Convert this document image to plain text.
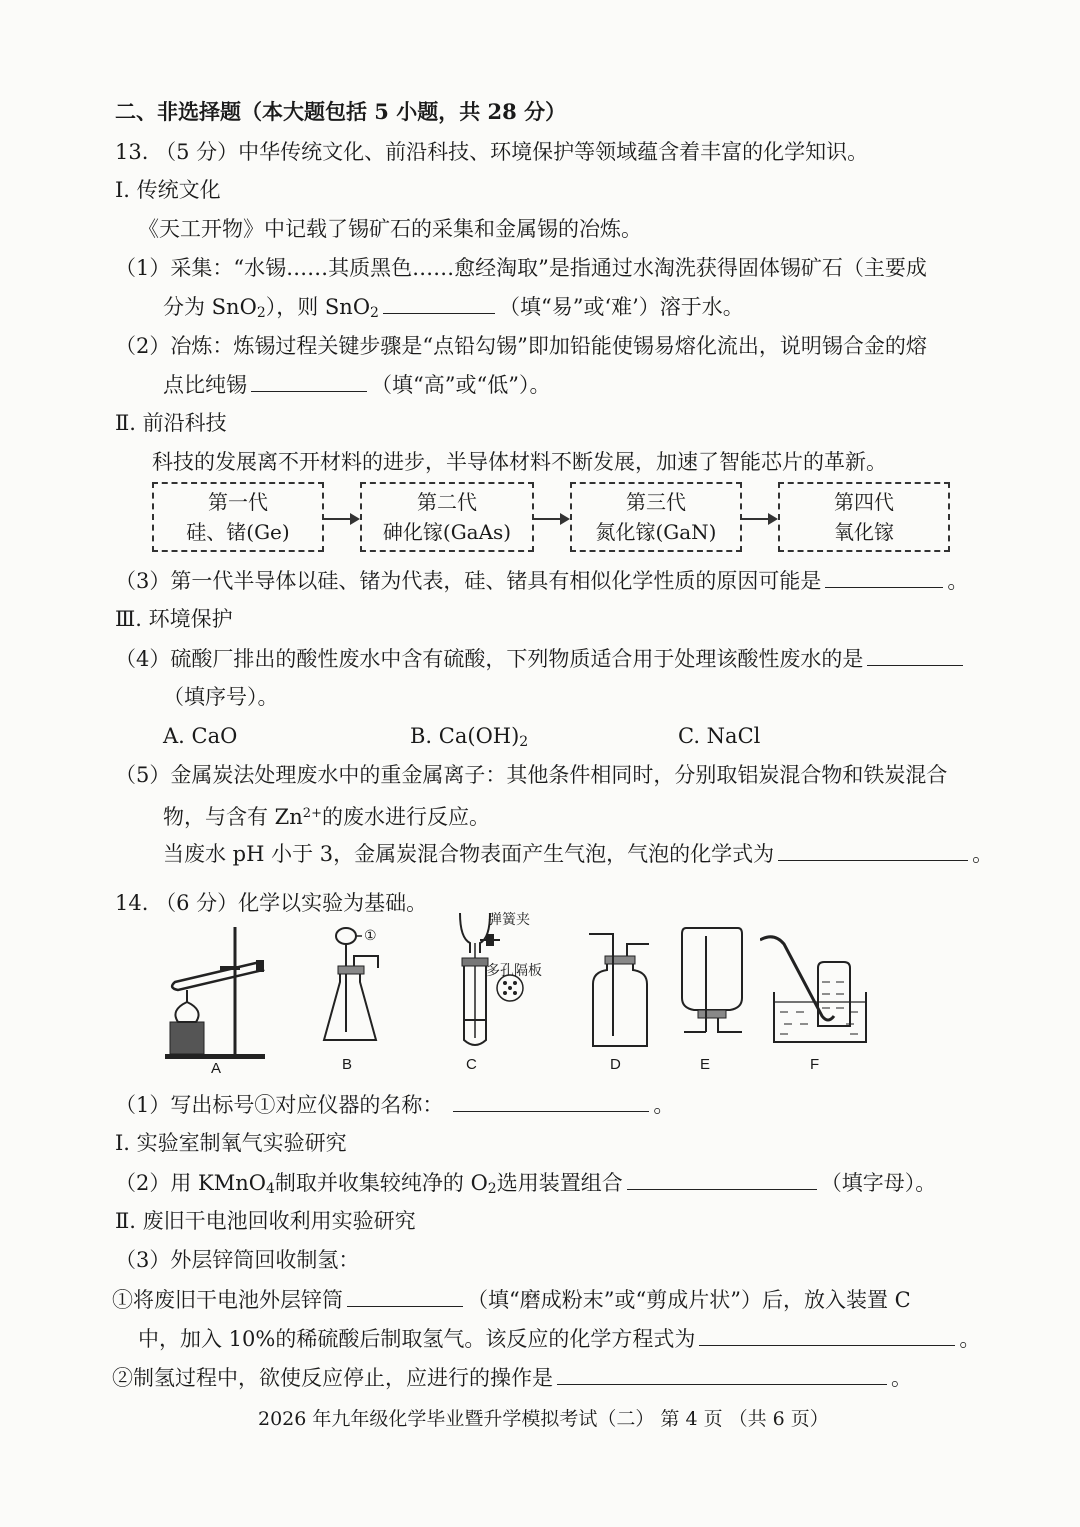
二、非选择题（本大题包括 5 小题，共 28 分）
13. （5 分）中华传统文化、前沿科技、环境保护等领域蕴含着丰富的化学知识。
I. 传统文化
《天工开物》中记载了锡矿石的采集和金属锡的冶炼。
（1）采集：“水锡……其质黑色……愈经淘取”是指通过水淘洗获得固体锡矿石（主要成
分为 SnO$_2$），则 SnO$_2$	（填“易”或‘难’）溶于水。
（2）冶炼：炼锡过程关键步骤是“点铅勾锡”即加铅能使锡易熔化流出，说明锡合金的熔
点比纯锡	（填“高”或“低”）。
Ⅱ. 前沿科技
科技的发展离不开材料的进步，半导体材料不断发展，加速了智能芯片的革新。
第一代
硅、锗(Ge)
第二代
砷化镓(GaAs)
第三代
氮化镓(GaN)
第四代
氧化镓
（3）第一代半导体以硅、锗为代表，硅、锗具有相似化学性质的原因可能是	。
Ⅲ. 环境保护
（4）硫酸厂排出的酸性废水中含有硫酸，下列物质适合用于处理该酸性废水的是
（填序号）。
A. CaO	B. $Ca(OH)_2$	C. NaCl
（5）金属炭法处理废水中的重金属离子：其他条件相同时，分别取铝炭混合物和铁炭混合
物，与含有 $Zn^{2+}$的废水进行反应。
当废水 pH 小于 3，金属炭混合物表面产生气泡，气泡的化学式为	。
14. （6 分）化学以实验为基础。
A
①
B
弹簧夹
多孔隔板
C	D	E	F
（1）写出标号①对应仪器的名称：	。
I. 实验室制氧气实验研究
（2）用 KMnO$_4$制取并收集较纯净的 $O_2$选用装置组合	（填字母）。
Ⅱ. 废旧干电池回收利用实验研究
（3）外层锌筒回收制氢：
①将废旧干电池外层锌筒	（填“磨成粉末”或“剪成片状”）后，放入装置 C
中，加入 10%的稀硫酸后制取氢气。该反应的化学方程式为	。
②制氢过程中，欲使反应停止，应进行的操作是	。
2026 年九年级化学毕业暨升学模拟考试（二） 第 4 页 （共 6 页）
